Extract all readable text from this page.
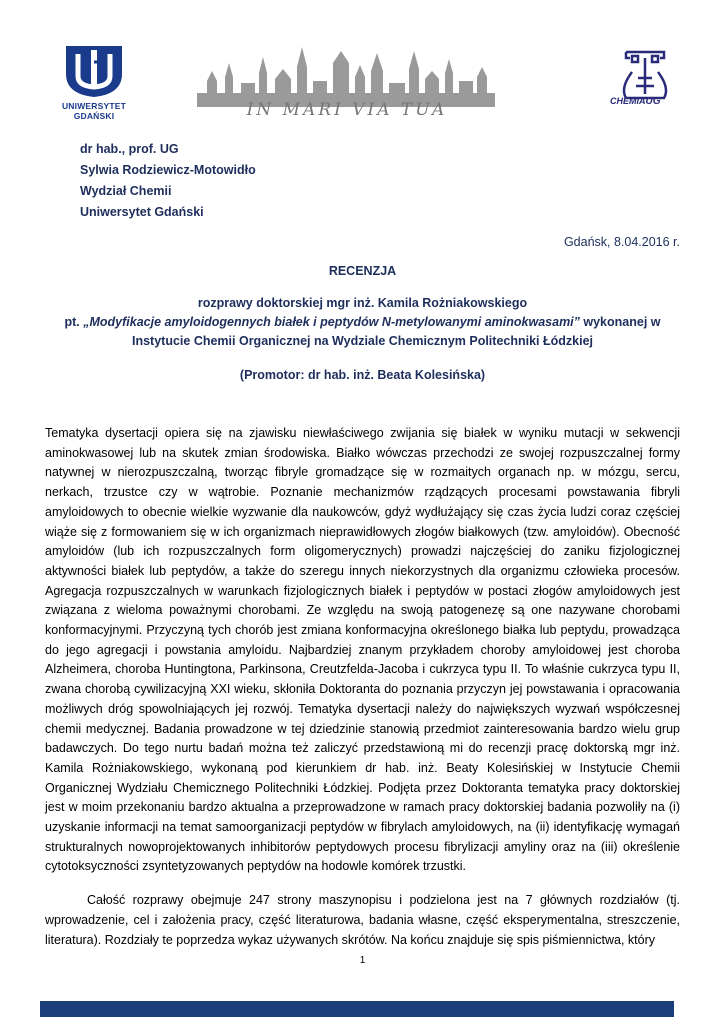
UNIWERSYTET GDAŃSKI	IN MARI VIA TUA	CHEMIAUG
dr hab., prof. UG
Sylwia Rodziewicz-Motowidło
Wydział Chemii
Uniwersytet Gdański
Gdańsk, 8.04.2016 r.
RECENZJA
rozprawy doktorskiej mgr inż. Kamila Rożniakowskiego
pt. „Modyfikacje amyloidogennych białek i peptydów N-metylowanymi aminokwasami” wykonanej w Instytucie Chemii Organicznej na Wydziale Chemicznym Politechniki Łódzkiej
(Promotor: dr hab. inż. Beata Kolesińska)

Tematyka dysertacji opiera się na zjawisku niewłaściwego zwijania się białek w wyniku mutacji w sekwencji aminokwasowej lub na skutek zmian środowiska. Białko wówczas przechodzi ze swojej rozpuszczalnej formy natywnej w nierozpuszczalną, tworząc fibryle gromadzące się w rozmaitych organach np. w mózgu, sercu, nerkach, trzustce czy w wątrobie. Poznanie mechanizmów rządzących procesami powstawania fibryli amyloidowych to obecnie wielkie wyzwanie dla naukowców, gdyż wydłużający się czas życia ludzi coraz częściej wiąże się z formowaniem się w ich organizmach nieprawidłowych złogów białkowych (tzw. amyloidów). Obecność amyloidów (lub ich rozpuszczalnych form oligomerycznych) prowadzi najczęściej do zaniku fizjologicznej aktywności białek lub peptydów, a także do szeregu innych niekorzystnych dla organizmu człowieka procesów. Agregacja rozpuszczalnych w warunkach fizjologicznych białek i peptydów w postaci złogów amyloidowych jest związana z wieloma poważnymi chorobami. Ze względu na swoją patogenezę są one nazywane chorobami konformacyjnymi. Przyczyną tych chorób jest zmiana konformacyjna określonego białka lub peptydu, prowadząca do jego agregacji i powstania amyloidu. Najbardziej znanym przykładem choroby amyloidowej jest choroba Alzheimera, choroba Huntingtona, Parkinsona, Creutzfelda-Jacoba i cukrzyca typu II. To właśnie cukrzyca typu II, zwana chorobą cywilizacyjną XXI wieku, skłoniła Doktoranta do poznania przyczyn jej powstawania i opracowania możliwych dróg spowolniających jej rozwój. Tematyka dysertacji należy do największych wyzwań współczesnej chemii medycznej. Badania prowadzone w tej dziedzinie stanowią przedmiot zainteresowania bardzo wielu grup badawczych. Do tego nurtu badań można też zaliczyć przedstawioną mi do recenzji pracę doktorską mgr inż. Kamila Rożniakowskiego, wykonaną pod kierunkiem dr hab. inż. Beaty Kolesińskiej w Instytucie Chemii Organicznej Wydziału Chemicznego Politechniki Łódzkiej. Podjęta przez Doktoranta tematyka pracy doktorskiej jest w moim przekonaniu bardzo aktualna a przeprowadzone w ramach pracy doktorskiej badania pozwoliły na (i) uzyskanie informacji na temat samoorganizacji peptydów w fibrylach amyloidowych, na (ii) identyfikację wymagań strukturalnych nowoprojektowanych inhibitorów peptydowych procesu fibrylizacji amyliny oraz na (iii) określenie cytotoksyczności zsyntetyzowanych peptydów na hodowle komórek trzustki.

Całość rozprawy obejmuje 247 strony maszynopisu i podzielona jest na 7 głównych rozdziałów (tj. wprowadzenie, cel i założenia pracy, część literaturowa, badania własne, część eksperymentalna, streszczenie, literatura). Rozdziały te poprzedza wykaz używanych skrótów. Na końcu znajduje się spis piśmiennictwa, który

1
